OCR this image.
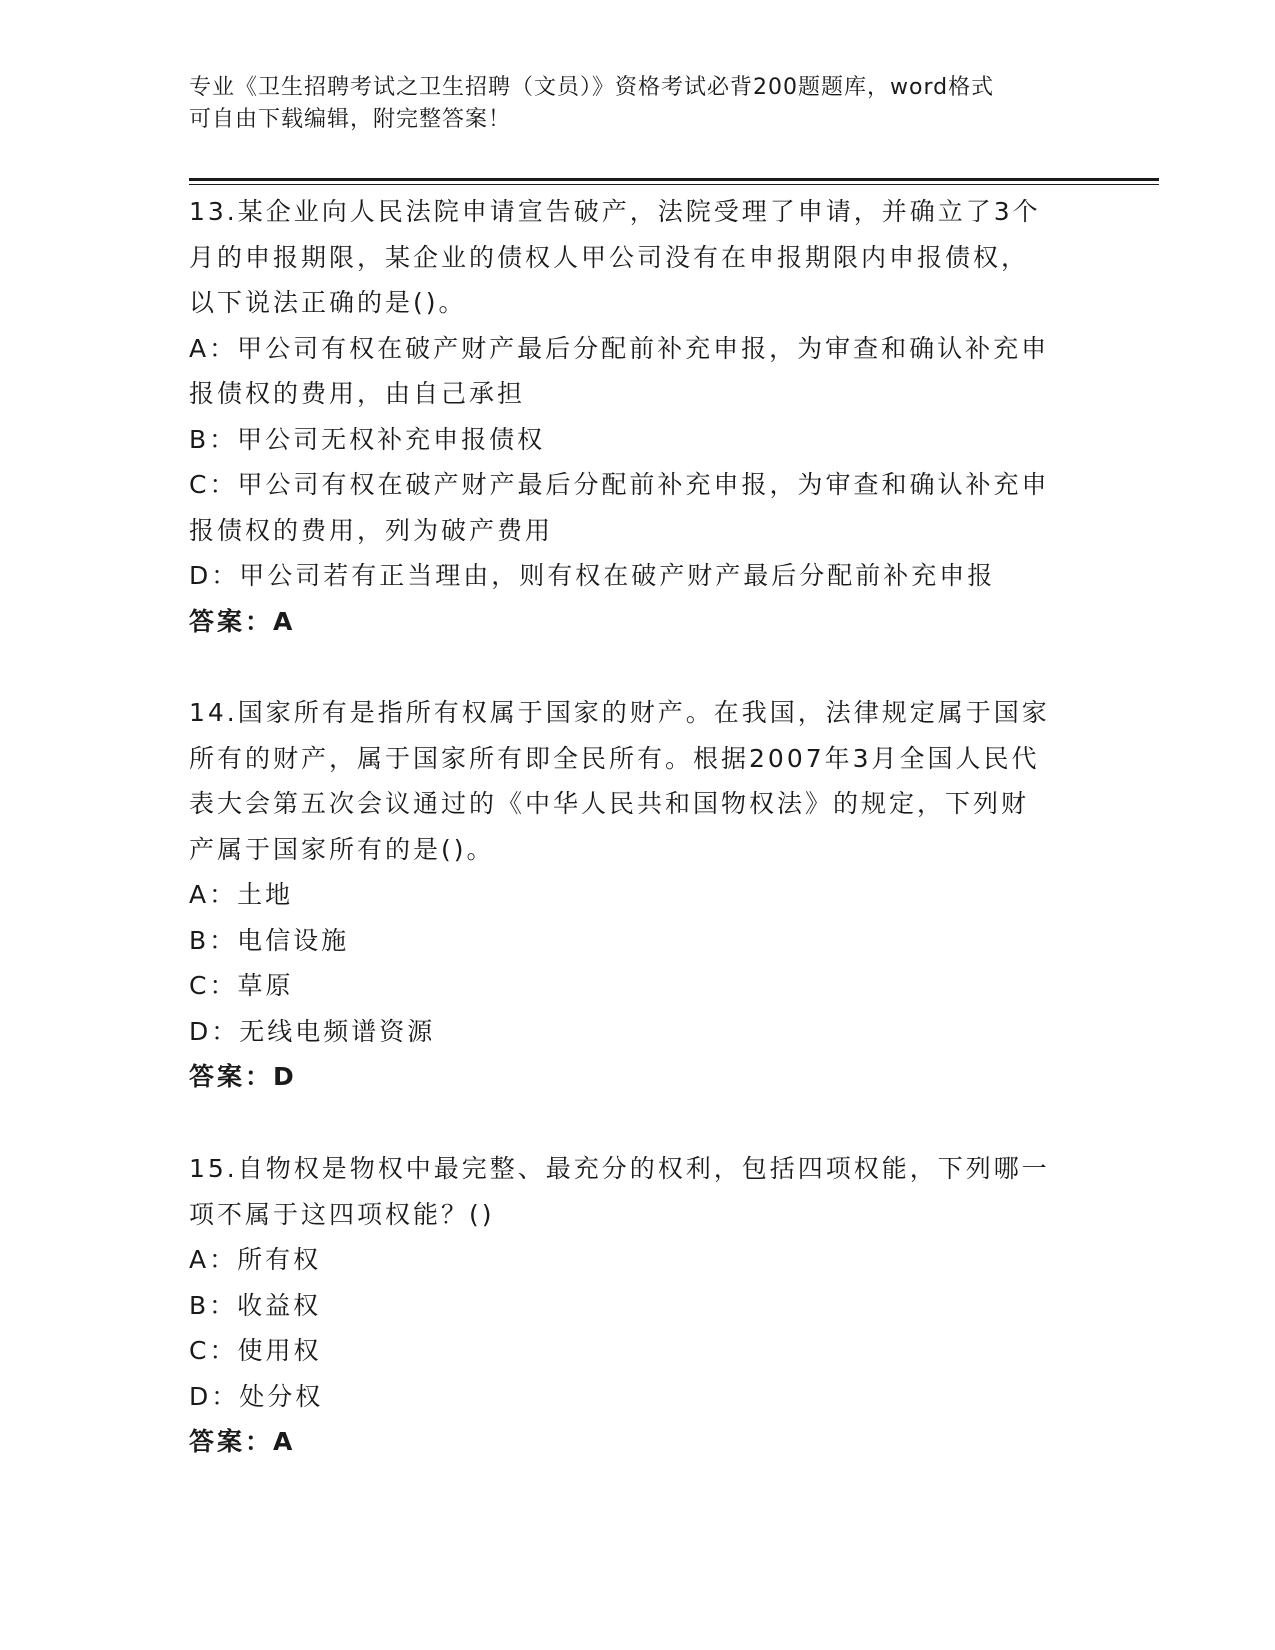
专业《卫生招聘考试之卫生招聘（文员）》资格考试必背200题题库，word格式
可自由下载编辑，附完整答案！
13.某企业向人民法院申请宣告破产，法院受理了申请，并确立了3个
月的申报期限，某企业的债权人甲公司没有在申报期限内申报债权，
以下说法正确的是()。
A：甲公司有权在破产财产最后分配前补充申报，为审查和确认补充申
报债权的费用，由自己承担
B：甲公司无权补充申报债权
C：甲公司有权在破产财产最后分配前补充申报，为审查和确认补充申
报债权的费用，列为破产费用
D：甲公司若有正当理由，则有权在破产财产最后分配前补充申报
答案：A
14.国家所有是指所有权属于国家的财产。在我国，法律规定属于国家
所有的财产，属于国家所有即全民所有。根据2007年3月全国人民代
表大会第五次会议通过的《中华人民共和国物权法》的规定，下列财
产属于国家所有的是()。
A：土地
B：电信设施
C：草原
D：无线电频谱资源
答案：D
15.自物权是物权中最完整、最充分的权利，包括四项权能，下列哪一
项不属于这四项权能？()
A：所有权
B：收益权
C：使用权
D：处分权
答案：A
